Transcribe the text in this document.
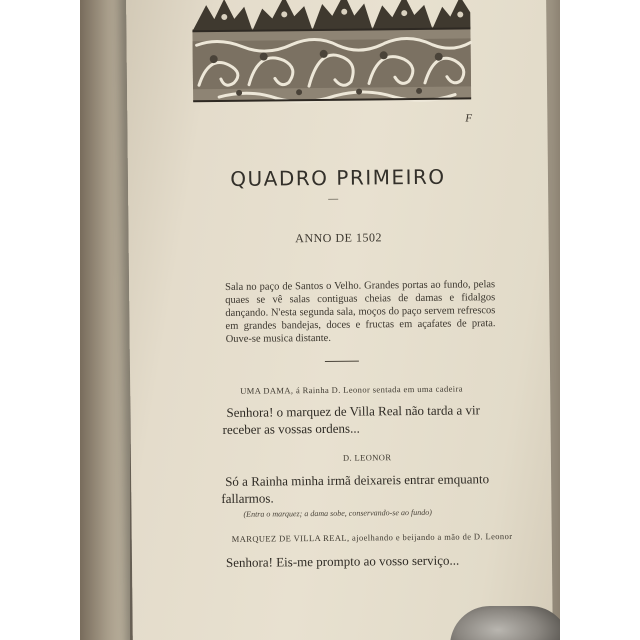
F
QUADRO PRIMEIRO
ANNO DE 1502
Sala no paço de Santos o Velho. Grandes portas ao fundo, pelas quaes se vê salas contiguas cheias de damas e fidalgos dançando. N'esta segunda sala, moços do paço servem refrescos em grandes bandejas, doces e fructas em açafates de prata. Ouve-se musica distante.
UMA DAMA, á Rainha D. Leonor sentada em uma cadeira
Senhora! o marquez de Villa Real não tarda a vir
receber as vossas ordens...
D. LEONOR
Só a Rainha minha irmã deixareis entrar emquanto
fallarmos.
(Entra o marquez; a dama sobe, conservando-se ao fundo)
MARQUEZ DE VILLA REAL, ajoelhando e beijando a mão de D. Leonor
Senhora! Eis-me prompto ao vosso serviço...
